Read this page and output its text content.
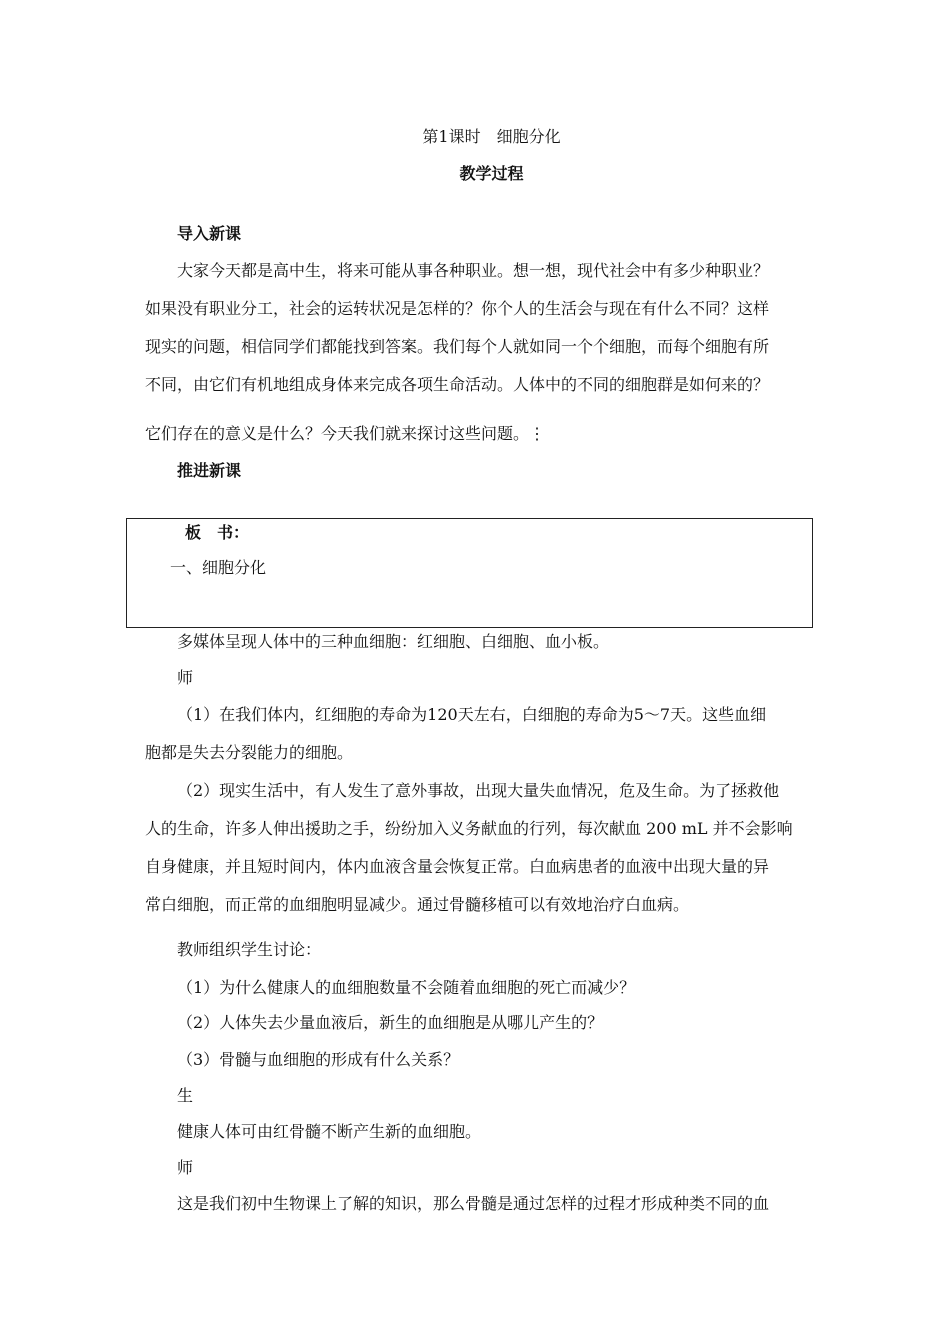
第1课时　细胞分化
教学过程
导入新课
大家今天都是高中生，将来可能从事各种职业。想一想，现代社会中有多少种职业？
如果没有职业分工，社会的运转状况是怎样的？你个人的生活会与现在有什么不同？这样
现实的问题，相信同学们都能找到答案。我们每个人就如同一个个细胞，而每个细胞有所
不同，由它们有机地组成身体来完成各项生命活动。人体中的不同的细胞群是如何来的？
它们存在的意义是什么？今天我们就来探讨这些问题。⋮
推进新课
板　书：
一、细胞分化
多媒体呈现人体中的三种血细胞：红细胞、白细胞、血小板。
师
（1）在我们体内，红细胞的寿命为120天左右，白细胞的寿命为5～7天。这些血细
胞都是失去分裂能力的细胞。
（2）现实生活中，有人发生了意外事故，出现大量失血情况，危及生命。为了拯救他
人的生命，许多人伸出援助之手，纷纷加入义务献血的行列，每次献血 200 mL 并不会影响
自身健康，并且短时间内，体内血液含量会恢复正常。白血病患者的血液中出现大量的异
常白细胞，而正常的血细胞明显减少。通过骨髓移植可以有效地治疗白血病。
教师组织学生讨论：
（1）为什么健康人的血细胞数量不会随着血细胞的死亡而减少？
（2）人体失去少量血液后，新生的血细胞是从哪儿产生的？
（3）骨髓与血细胞的形成有什么关系？
生
健康人体可由红骨髓不断产生新的血细胞。
师
这是我们初中生物课上了解的知识，那么骨髓是通过怎样的过程才形成种类不同的血
